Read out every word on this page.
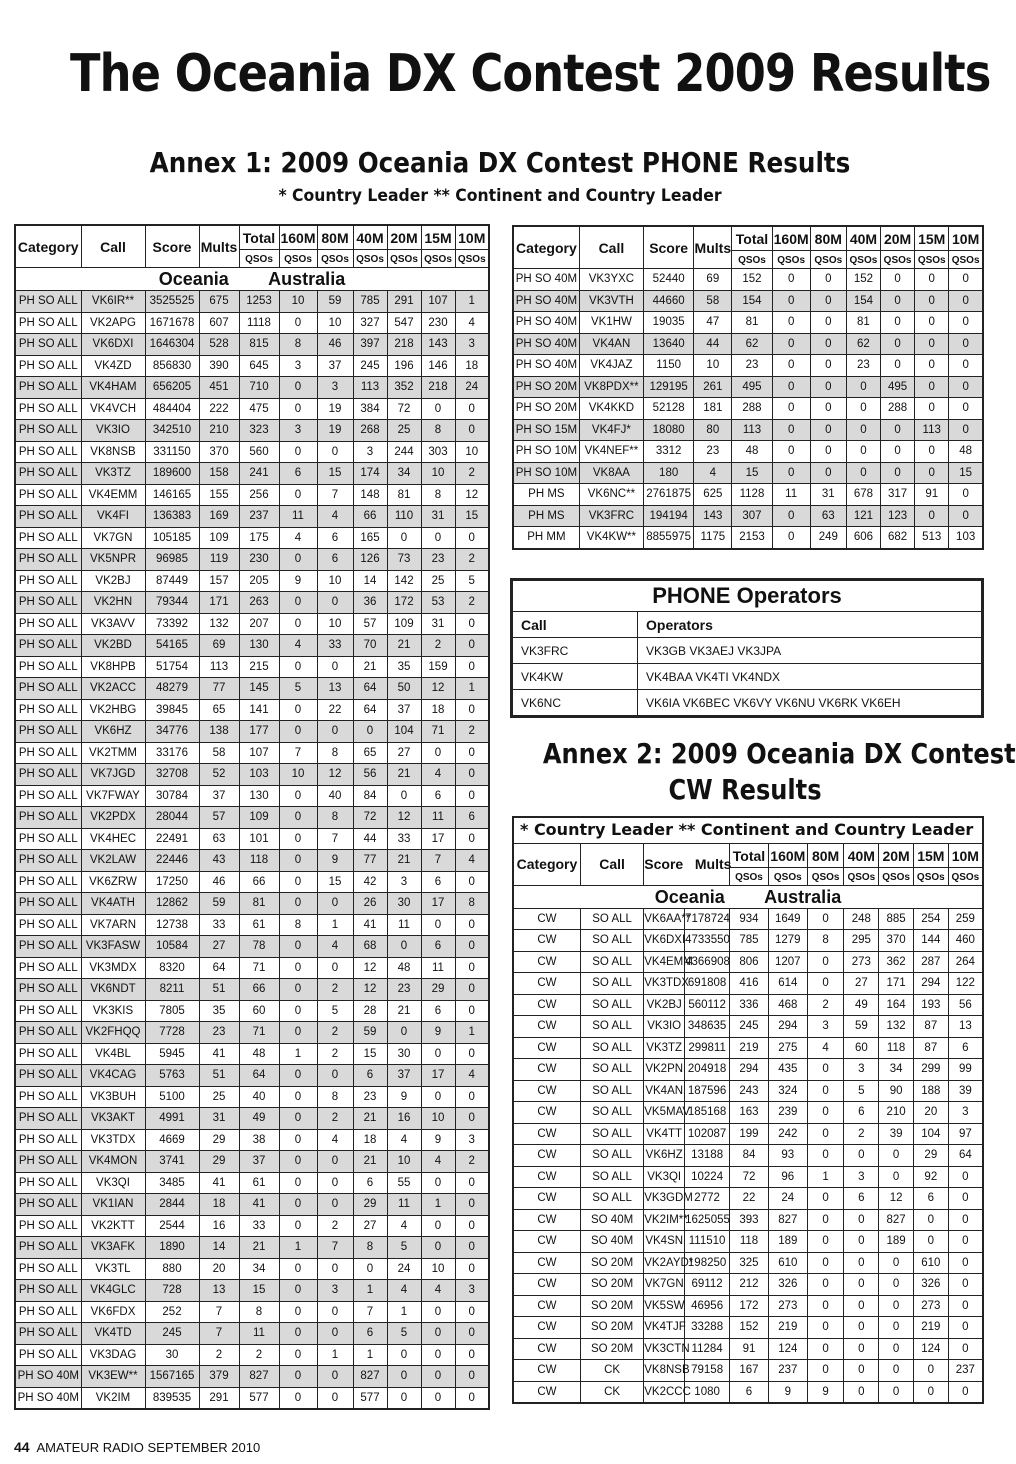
The Oceania DX Contest 2009 Results
Annex 1: 2009 Oceania DX Contest PHONE Results
* Country Leader ** Continent and Country Leader
Category	Call	Score	Mults	Total	160M	80M	40M	20M	15M	10M
				QSOs	QSOs	QSOs	QSOs	QSOs	QSOs	QSOs
Oceania Australia										
PH SO ALL	VK6IR**	3525525	675	1253	10	59	785	291	107	1
PH SO ALL	VK2APG	1671678	607	1118	0	10	327	547	230	4
PH SO ALL	VK6DXI	1646304	528	815	8	46	397	218	143	3
PH SO ALL	VK4ZD	856830	390	645	3	37	245	196	146	18
PH SO ALL	VK4HAM	656205	451	710	0	3	113	352	218	24
PH SO ALL	VK4VCH	484404	222	475	0	19	384	72	0	0
PH SO ALL	VK3IO	342510	210	323	3	19	268	25	8	0
PH SO ALL	VK8NSB	331150	370	560	0	0	3	244	303	10
PH SO ALL	VK3TZ	189600	158	241	6	15	174	34	10	2
PH SO ALL	VK4EMM	146165	155	256	0	7	148	81	8	12
PH SO ALL	VK4FI	136383	169	237	11	4	66	110	31	15
PH SO ALL	VK7GN	105185	109	175	4	6	165	0	0	0
PH SO ALL	VK5NPR	96985	119	230	0	6	126	73	23	2
PH SO ALL	VK2BJ	87449	157	205	9	10	14	142	25	5
PH SO ALL	VK2HN	79344	171	263	0	0	36	172	53	2
PH SO ALL	VK3AVV	73392	132	207	0	10	57	109	31	0
PH SO ALL	VK2BD	54165	69	130	4	33	70	21	2	0
PH SO ALL	VK8HPB	51754	113	215	0	0	21	35	159	0
PH SO ALL	VK2ACC	48279	77	145	5	13	64	50	12	1
PH SO ALL	VK2HBG	39845	65	141	0	22	64	37	18	0
PH SO ALL	VK6HZ	34776	138	177	0	0	0	104	71	2
PH SO ALL	VK2TMM	33176	58	107	7	8	65	27	0	0
PH SO ALL	VK7JGD	32708	52	103	10	12	56	21	4	0
PH SO ALL	VK7FWAY	30784	37	130	0	40	84	0	6	0
PH SO ALL	VK2PDX	28044	57	109	0	8	72	12	11	6
PH SO ALL	VK4HEC	22491	63	101	0	7	44	33	17	0
PH SO ALL	VK2LAW	22446	43	118	0	9	77	21	7	4
PH SO ALL	VK6ZRW	17250	46	66	0	15	42	3	6	0
PH SO ALL	VK4ATH	12862	59	81	0	0	26	30	17	8
PH SO ALL	VK7ARN	12738	33	61	8	1	41	11	0	0
PH SO ALL	VK3FASW	10584	27	78	0	4	68	0	6	0
PH SO ALL	VK3MDX	8320	64	71	0	0	12	48	11	0
PH SO ALL	VK6NDT	8211	51	66	0	2	12	23	29	0
PH SO ALL	VK3KIS	7805	35	60	0	5	28	21	6	0
PH SO ALL	VK2FHQQ	7728	23	71	0	2	59	0	9	1
PH SO ALL	VK4BL	5945	41	48	1	2	15	30	0	0
PH SO ALL	VK4CAG	5763	51	64	0	0	6	37	17	4
PH SO ALL	VK3BUH	5100	25	40	0	8	23	9	0	0
PH SO ALL	VK3AKT	4991	31	49	0	2	21	16	10	0
PH SO ALL	VK3TDX	4669	29	38	0	4	18	4	9	3
PH SO ALL	VK4MON	3741	29	37	0	0	21	10	4	2
PH SO ALL	VK3QI	3485	41	61	0	0	6	55	0	0
PH SO ALL	VK1IAN	2844	18	41	0	0	29	11	1	0
PH SO ALL	VK2KTT	2544	16	33	0	2	27	4	0	0
PH SO ALL	VK3AFK	1890	14	21	1	7	8	5	0	0
PH SO ALL	VK3TL	880	20	34	0	0	0	24	10	0
PH SO ALL	VK4GLC	728	13	15	0	3	1	4	4	3
PH SO ALL	VK6FDX	252	7	8	0	0	7	1	0	0
PH SO ALL	VK4TD	245	7	11	0	0	6	5	0	0
PH SO ALL	VK3DAG	30	2	2	0	1	1	0	0	0
PH SO 40M	VK3EW**	1567165	379	827	0	0	827	0	0	0
PH SO 40M	VK2IM	839535	291	577	0	0	577	0	0	0
Category	Call	Score	Mults	Total	160M	80M	40M	20M	15M	10M
				QSOs	QSOs	QSOs	QSOs	QSOs	QSOs	QSOs
PH SO 40M	VK3YXC	52440	69	152	0	0	152	0	0	0
PH SO 40M	VK3VTH	44660	58	154	0	0	154	0	0	0
PH SO 40M	VK1HW	19035	47	81	0	0	81	0	0	0
PH SO 40M	VK4AN	13640	44	62	0	0	62	0	0	0
PH SO 40M	VK4JAZ	1150	10	23	0	0	23	0	0	0
PH SO 20M	VK8PDX**	129195	261	495	0	0	0	495	0	0
PH SO 20M	VK4KKD	52128	181	288	0	0	0	288	0	0
PH SO 15M	VK4FJ*	18080	80	113	0	0	0	0	113	0
PH SO 10M	VK4NEF**	3312	23	48	0	0	0	0	0	48
PH SO 10M	VK8AA	180	4	15	0	0	0	0	0	15
PH MS	VK6NC**	2761875	625	1128	11	31	678	317	91	0
PH MS	VK3FRC	194194	143	307	0	63	121	123	0	0
PH MM	VK4KW**	8855975	1175	2153	0	249	606	682	513	103
PHONE Operators	
Call	Operators
VK3FRC	VK3GB VK3AEJ VK3JPA
VK4KW	VK4BAA VK4TI VK4NDX
VK6NC	VK6IA VK6BEC VK6VY VK6NU VK6RK VK6EH
Annex 2: 2009 Oceania DX Contest
CW Results
* Country Leader ** Continent and Country Leader										
Category	Call	Score Mults		Total	160M	80M	40M	20M	15M	10M
				QSOs	QSOs	QSOs	QSOs	QSOs	QSOs	QSOs
Oceania Australia										
CW	SO ALL	VK6AA**	7178724	934	1649	0	248	885	254	259
CW	SO ALL	VK6DXI	4733550	785	1279	8	295	370	144	460
CW	SO ALL	VK4EMM	4366908	806	1207	0	273	362	287	264
CW	SO ALL	VK3TDX	691808	416	614	0	27	171	294	122
CW	SO ALL	VK2BJ	560112	336	468	2	49	164	193	56
CW	SO ALL	VK3IO	348635	245	294	3	59	132	87	13
CW	SO ALL	VK3TZ	299811	219	275	4	60	118	87	6
CW	SO ALL	VK2PN	204918	294	435	0	3	34	299	99
CW	SO ALL	VK4AN	187596	243	324	0	5	90	188	39
CW	SO ALL	VK5MAV	185168	163	239	0	6	210	20	3
CW	SO ALL	VK4TT	102087	199	242	0	2	39	104	97
CW	SO ALL	VK6HZ	13188	84	93	0	0	0	29	64
CW	SO ALL	VK3QI	10224	72	96	1	3	0	92	0
CW	SO ALL	VK3GDM	2772	22	24	0	6	12	6	0
CW	SO 40M	VK2IM**	1625055	393	827	0	0	827	0	0
CW	SO 40M	VK4SN	111510	118	189	0	0	189	0	0
CW	SO 20M	VK2AYD*	198250	325	610	0	0	0	610	0
CW	SO 20M	VK7GN	69112	212	326	0	0	0	326	0
CW	SO 20M	VK5SW	46956	172	273	0	0	0	273	0
CW	SO 20M	VK4TJF	33288	152	219	0	0	0	219	0
CW	SO 20M	VK3CTN	11284	91	124	0	0	0	124	0
CW	CK	VK8NSB	79158	167	237	0	0	0	0	237
CW	CK	VK2CCC	1080	6	9	9	0	0	0	0
44 AMATEUR RADIO SEPTEMBER 2010
